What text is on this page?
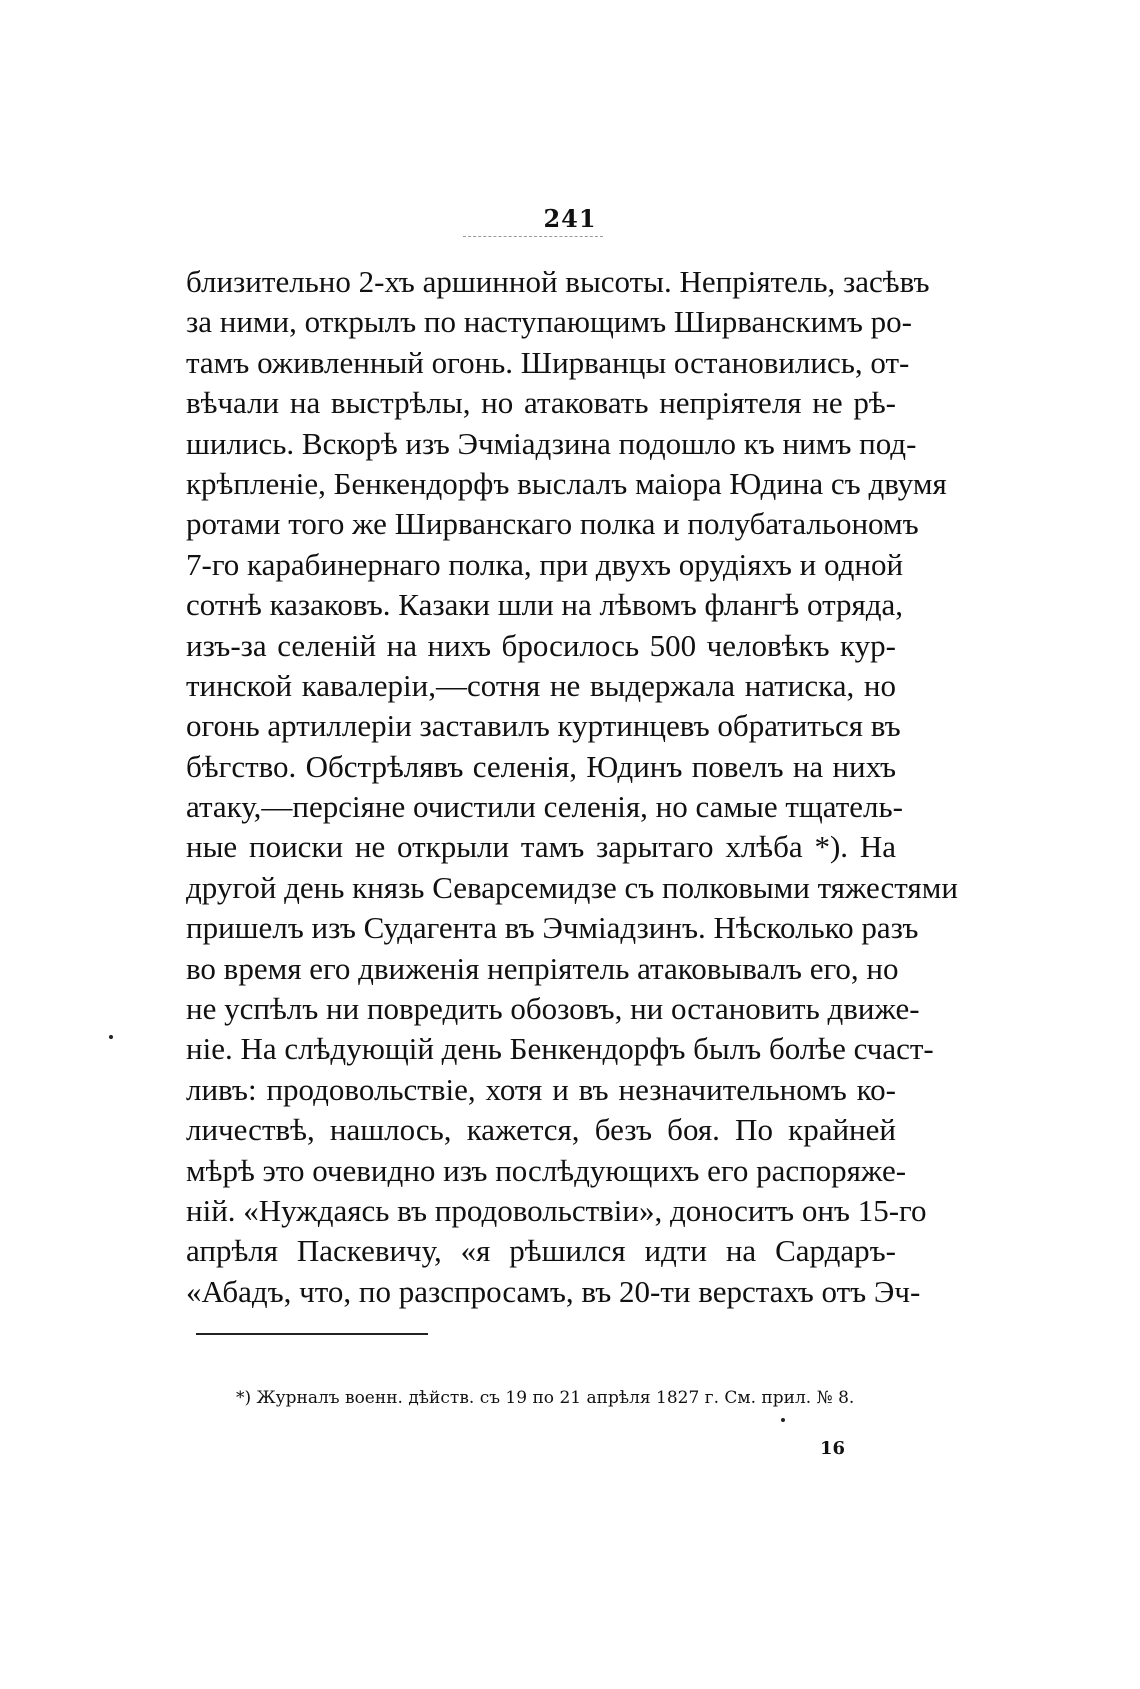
241
близительно 2-хъ аршинной высоты. Непріятель, засѣвъ
за ними, открылъ по наступающимъ Ширванскимъ ро-
тамъ оживленный огонь. Ширванцы остановились, от-
вѣчали на выстрѣлы, но атаковать непріятеля не рѣ-
шились. Вскорѣ изъ Эчміадзина подошло къ нимъ под-
крѣпленіе, Бенкендорфъ выслалъ маіора Юдина съ двумя
ротами того же Ширванскаго полка и полубатальономъ
7-го карабинернаго полка, при двухъ орудіяхъ и одной
сотнѣ казаковъ. Казаки шли на лѣвомъ флангѣ отряда,
изъ-за селеній на нихъ бросилось 500 человѣкъ кур-
тинской кавалеріи,—сотня не выдержала натиска, но
огонь артиллеріи заставилъ куртинцевъ обратиться въ
бѣгство. Обстрѣлявъ селенія, Юдинъ повелъ на нихъ
атаку,—персіяне очистили селенія, но самые тщатель-
ные поиски не открыли тамъ зарытаго хлѣба *). На
другой день князь Севарсемидзе съ полковыми тяжестями
пришелъ изъ Судагента въ Эчміадзинъ. Нѣсколько разъ
во время его движенія непріятель атаковывалъ его, но
не успѣлъ ни повредить обозовъ, ни остановить движе-
ніе. На слѣдующій день Бенкендорфъ былъ болѣе счаст-
ливъ: продовольствіе, хотя и въ незначительномъ ко-
личествѣ, нашлось, кажется, безъ боя. По крайней
мѣрѣ это очевидно изъ послѣдующихъ его распоряже-
ній. «Нуждаясь въ продовольствіи», доноситъ онъ 15-го
апрѣля Паскевичу, «я рѣшился идти на Сардаръ-
«Абадъ, что, по разспросамъ, въ 20-ти верстахъ отъ Эч-
*) Журналъ военн. дѣйств. съ 19 по 21 апрѣля 1827 г. См. прил. № 8.
16
